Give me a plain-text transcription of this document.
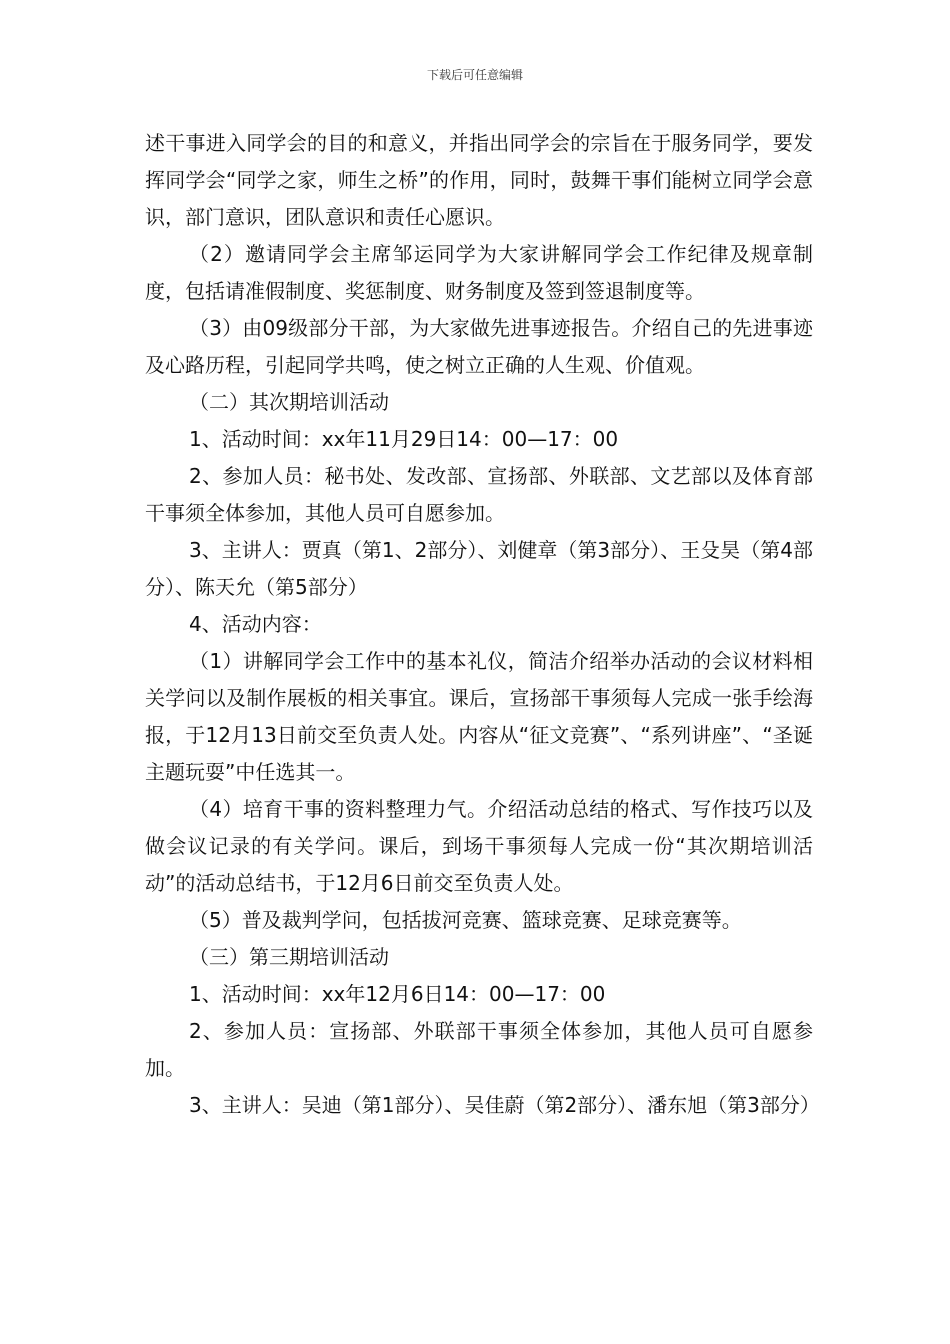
下载后可任意编辑

述干事进入同学会的目的和意义，并指出同学会的宗旨在于服务同学，要发挥同学会“同学之家，师生之桥”的作用，同时，鼓舞干事们能树立同学会意识，部门意识，团队意识和责任心愿识。

（2）邀请同学会主席邹运同学为大家讲解同学会工作纪律及规章制度，包括请准假制度、奖惩制度、财务制度及签到签退制度等。

（3）由09级部分干部，为大家做先进事迹报告。介绍自己的先进事迹及心路历程，引起同学共鸣，使之树立正确的人生观、价值观。

（二）其次期培训活动

1、活动时间：xx年11月29日14：00—17：00

2、参加人员：秘书处、发改部、宣扬部、外联部、文艺部以及体育部干事须全体参加，其他人员可自愿参加。

3、主讲人：贾真（第1、2部分）、刘健章（第3部分）、王殳昊（第4部分）、陈天允（第5部分）

4、活动内容：

（1）讲解同学会工作中的基本礼仪，简洁介绍举办活动的会议材料相关学问以及制作展板的相关事宜。课后，宣扬部干事须每人完成一张手绘海报，于12月13日前交至负责人处。内容从“征文竞赛”、“系列讲座”、“圣诞主题玩耍”中任选其一。

（4）培育干事的资料整理力气。介绍活动总结的格式、写作技巧以及做会议记录的有关学问。课后，到场干事须每人完成一份“其次期培训活动”的活动总结书，于12月6日前交至负责人处。

（5）普及裁判学问，包括拔河竞赛、篮球竞赛、足球竞赛等。

（三）第三期培训活动

1、活动时间：xx年12月6日14：00—17：00

2、参加人员：宣扬部、外联部干事须全体参加，其他人员可自愿参加。

3、主讲人：吴迪（第1部分）、吴佳蔚（第2部分）、潘东旭（第3部分）
